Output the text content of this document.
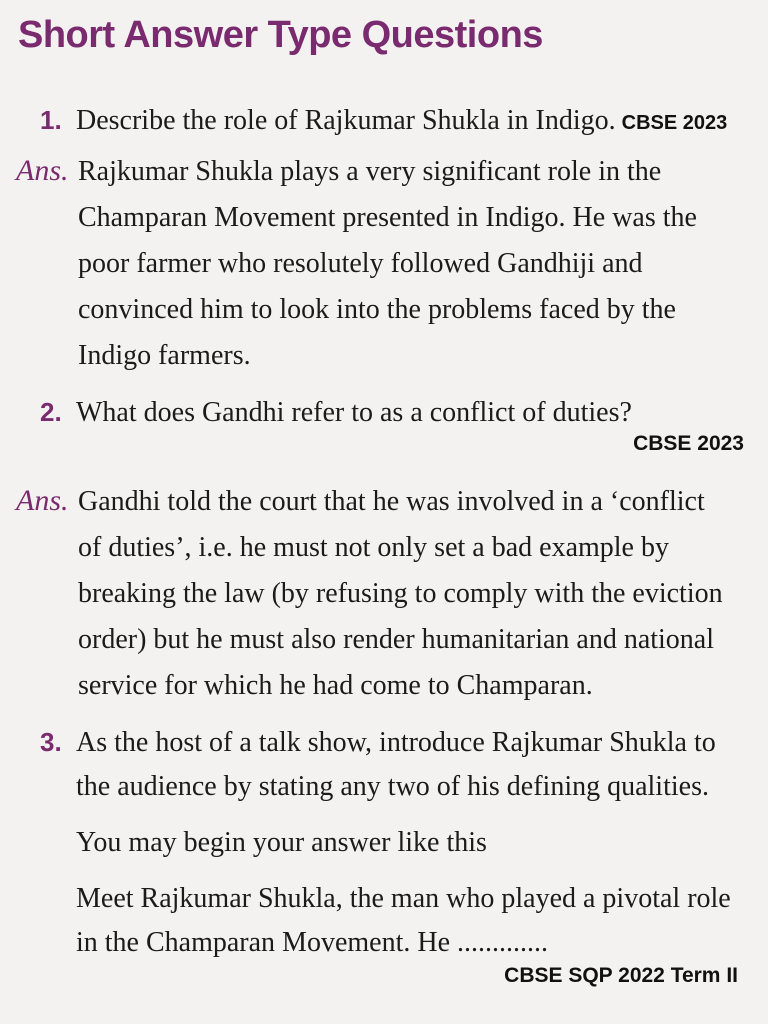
Short Answer Type Questions
1. Describe the role of Rajkumar Shukla in Indigo. CBSE 2023
Ans. Rajkumar Shukla plays a very significant role in the
Champaran Movement presented in Indigo. He was the
poor farmer who resolutely followed Gandhiji and
convinced him to look into the problems faced by the
Indigo farmers.
2. What does Gandhi refer to as a conflict of duties?
CBSE 2023
Ans. Gandhi told the court that he was involved in a ‘conflict
of duties’, i.e. he must not only set a bad example by
breaking the law (by refusing to comply with the eviction
order) but he must also render humanitarian and national
service for which he had come to Champaran.
3. As the host of a talk show, introduce Rajkumar Shukla to
the audience by stating any two of his defining qualities.
You may begin your answer like this
Meet Rajkumar Shukla, the man who played a pivotal role
in the Champaran Movement. He .............
CBSE SQP 2022 Term II
